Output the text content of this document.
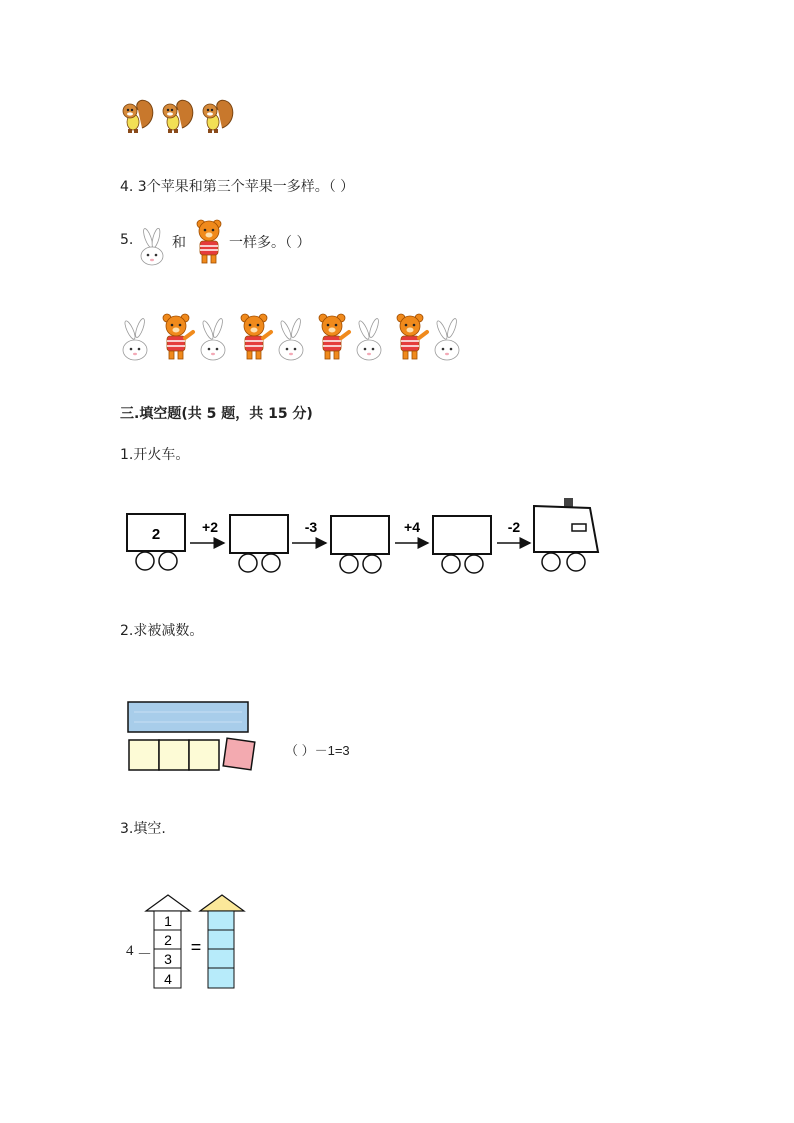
4. 3个苹果和第三个苹果一多样。（ ）
5.	和	一样多。（ ）
三.填空题(共 5 题，共 15 分)
1.开火车。
2	+2	-3	+4	-2
2.求被减数。
（ ）－1=3
3.填空.
4 －
1
2
3
4
=
